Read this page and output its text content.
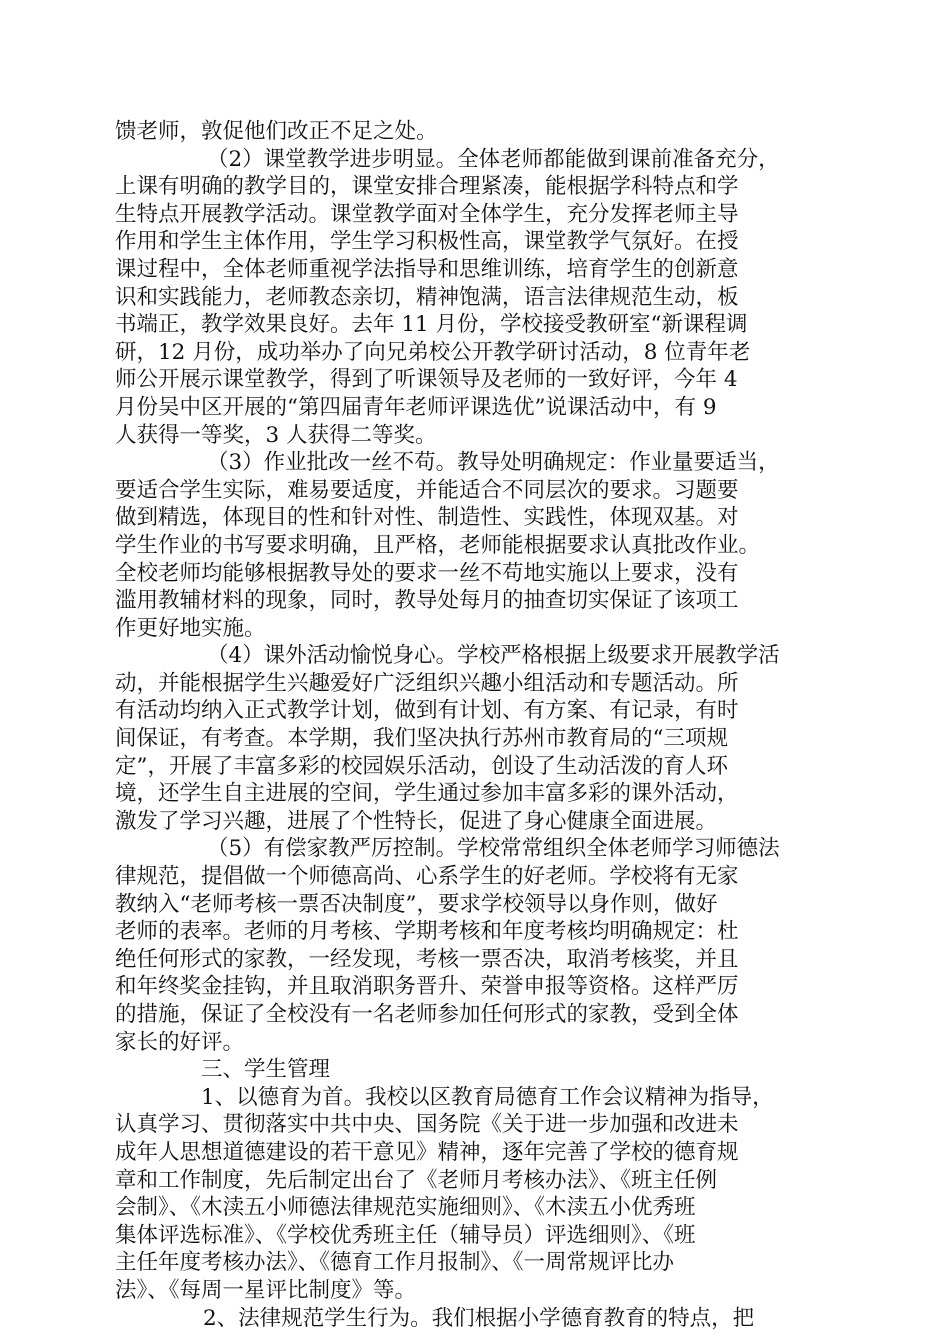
馈老师，敦促他们改正不足之处。
（2）课堂教学进步明显。全体老师都能做到课前准备充分，
上课有明确的教学目的，课堂安排合理紧凑，能根据学科特点和学
生特点开展教学活动。课堂教学面对全体学生，充分发挥老师主导
作用和学生主体作用，学生学习积极性高，课堂教学气氛好。在授
课过程中，全体老师重视学法指导和思维训练，培育学生的创新意
识和实践能力，老师教态亲切，精神饱满，语言法律规范生动，板
书端正，教学效果良好。去年 11 月份，学校接受教研室“新课程调
研，12 月份，成功举办了向兄弟校公开教学研讨活动，8 位青年老
师公开展示课堂教学，得到了听课领导及老师的一致好评，今年 4
月份吴中区开展的“第四届青年老师评课选优”说课活动中，有 9
人获得一等奖，3 人获得二等奖。
（3）作业批改一丝不苟。教导处明确规定：作业量要适当，
要适合学生实际，难易要适度，并能适合不同层次的要求。习题要
做到精选，体现目的性和针对性、制造性、实践性，体现双基。对
学生作业的书写要求明确，且严格，老师能根据要求认真批改作业。
全校老师均能够根据教导处的要求一丝不苟地实施以上要求，没有
滥用教辅材料的现象，同时，教导处每月的抽查切实保证了该项工
作更好地实施。
（4）课外活动愉悦身心。学校严格根据上级要求开展教学活
动，并能根据学生兴趣爱好广泛组织兴趣小组活动和专题活动。所
有活动均纳入正式教学计划，做到有计划、有方案、有记录，有时
间保证，有考查。本学期，我们坚决执行苏州市教育局的“三项规
定”，开展了丰富多彩的校园娱乐活动，创设了生动活泼的育人环
境，还学生自主进展的空间，学生通过参加丰富多彩的课外活动，
激发了学习兴趣，进展了个性特长，促进了身心健康全面进展。
（5）有偿家教严厉控制。学校常常组织全体老师学习师德法
律规范，提倡做一个师德高尚、心系学生的好老师。学校将有无家
教纳入“老师考核一票否决制度”，要求学校领导以身作则，做好
老师的表率。老师的月考核、学期考核和年度考核均明确规定：杜
绝任何形式的家教，一经发现，考核一票否决，取消考核奖，并且
和年终奖金挂钩，并且取消职务晋升、荣誉申报等资格。这样严厉
的措施，保证了全校没有一名老师参加任何形式的家教，受到全体
家长的好评。
三、学生管理
1、以德育为首。我校以区教育局德育工作会议精神为指导，
认真学习、贯彻落实中共中央、国务院《关于进一步加强和改进未
成年人思想道德建设的若干意见》精神，逐年完善了学校的德育规
章和工作制度，先后制定出台了《老师月考核办法》、《班主任例
会制》、《木渎五小师德法律规范实施细则》、《木渎五小优秀班
集体评选标准》、《学校优秀班主任（辅导员）评选细则》、《班
主任年度考核办法》、《德育工作月报制》、《一周常规评比办
法》、《每周一星评比制度》等。
2、法律规范学生行为。我们根据小学德育教育的特点，把
